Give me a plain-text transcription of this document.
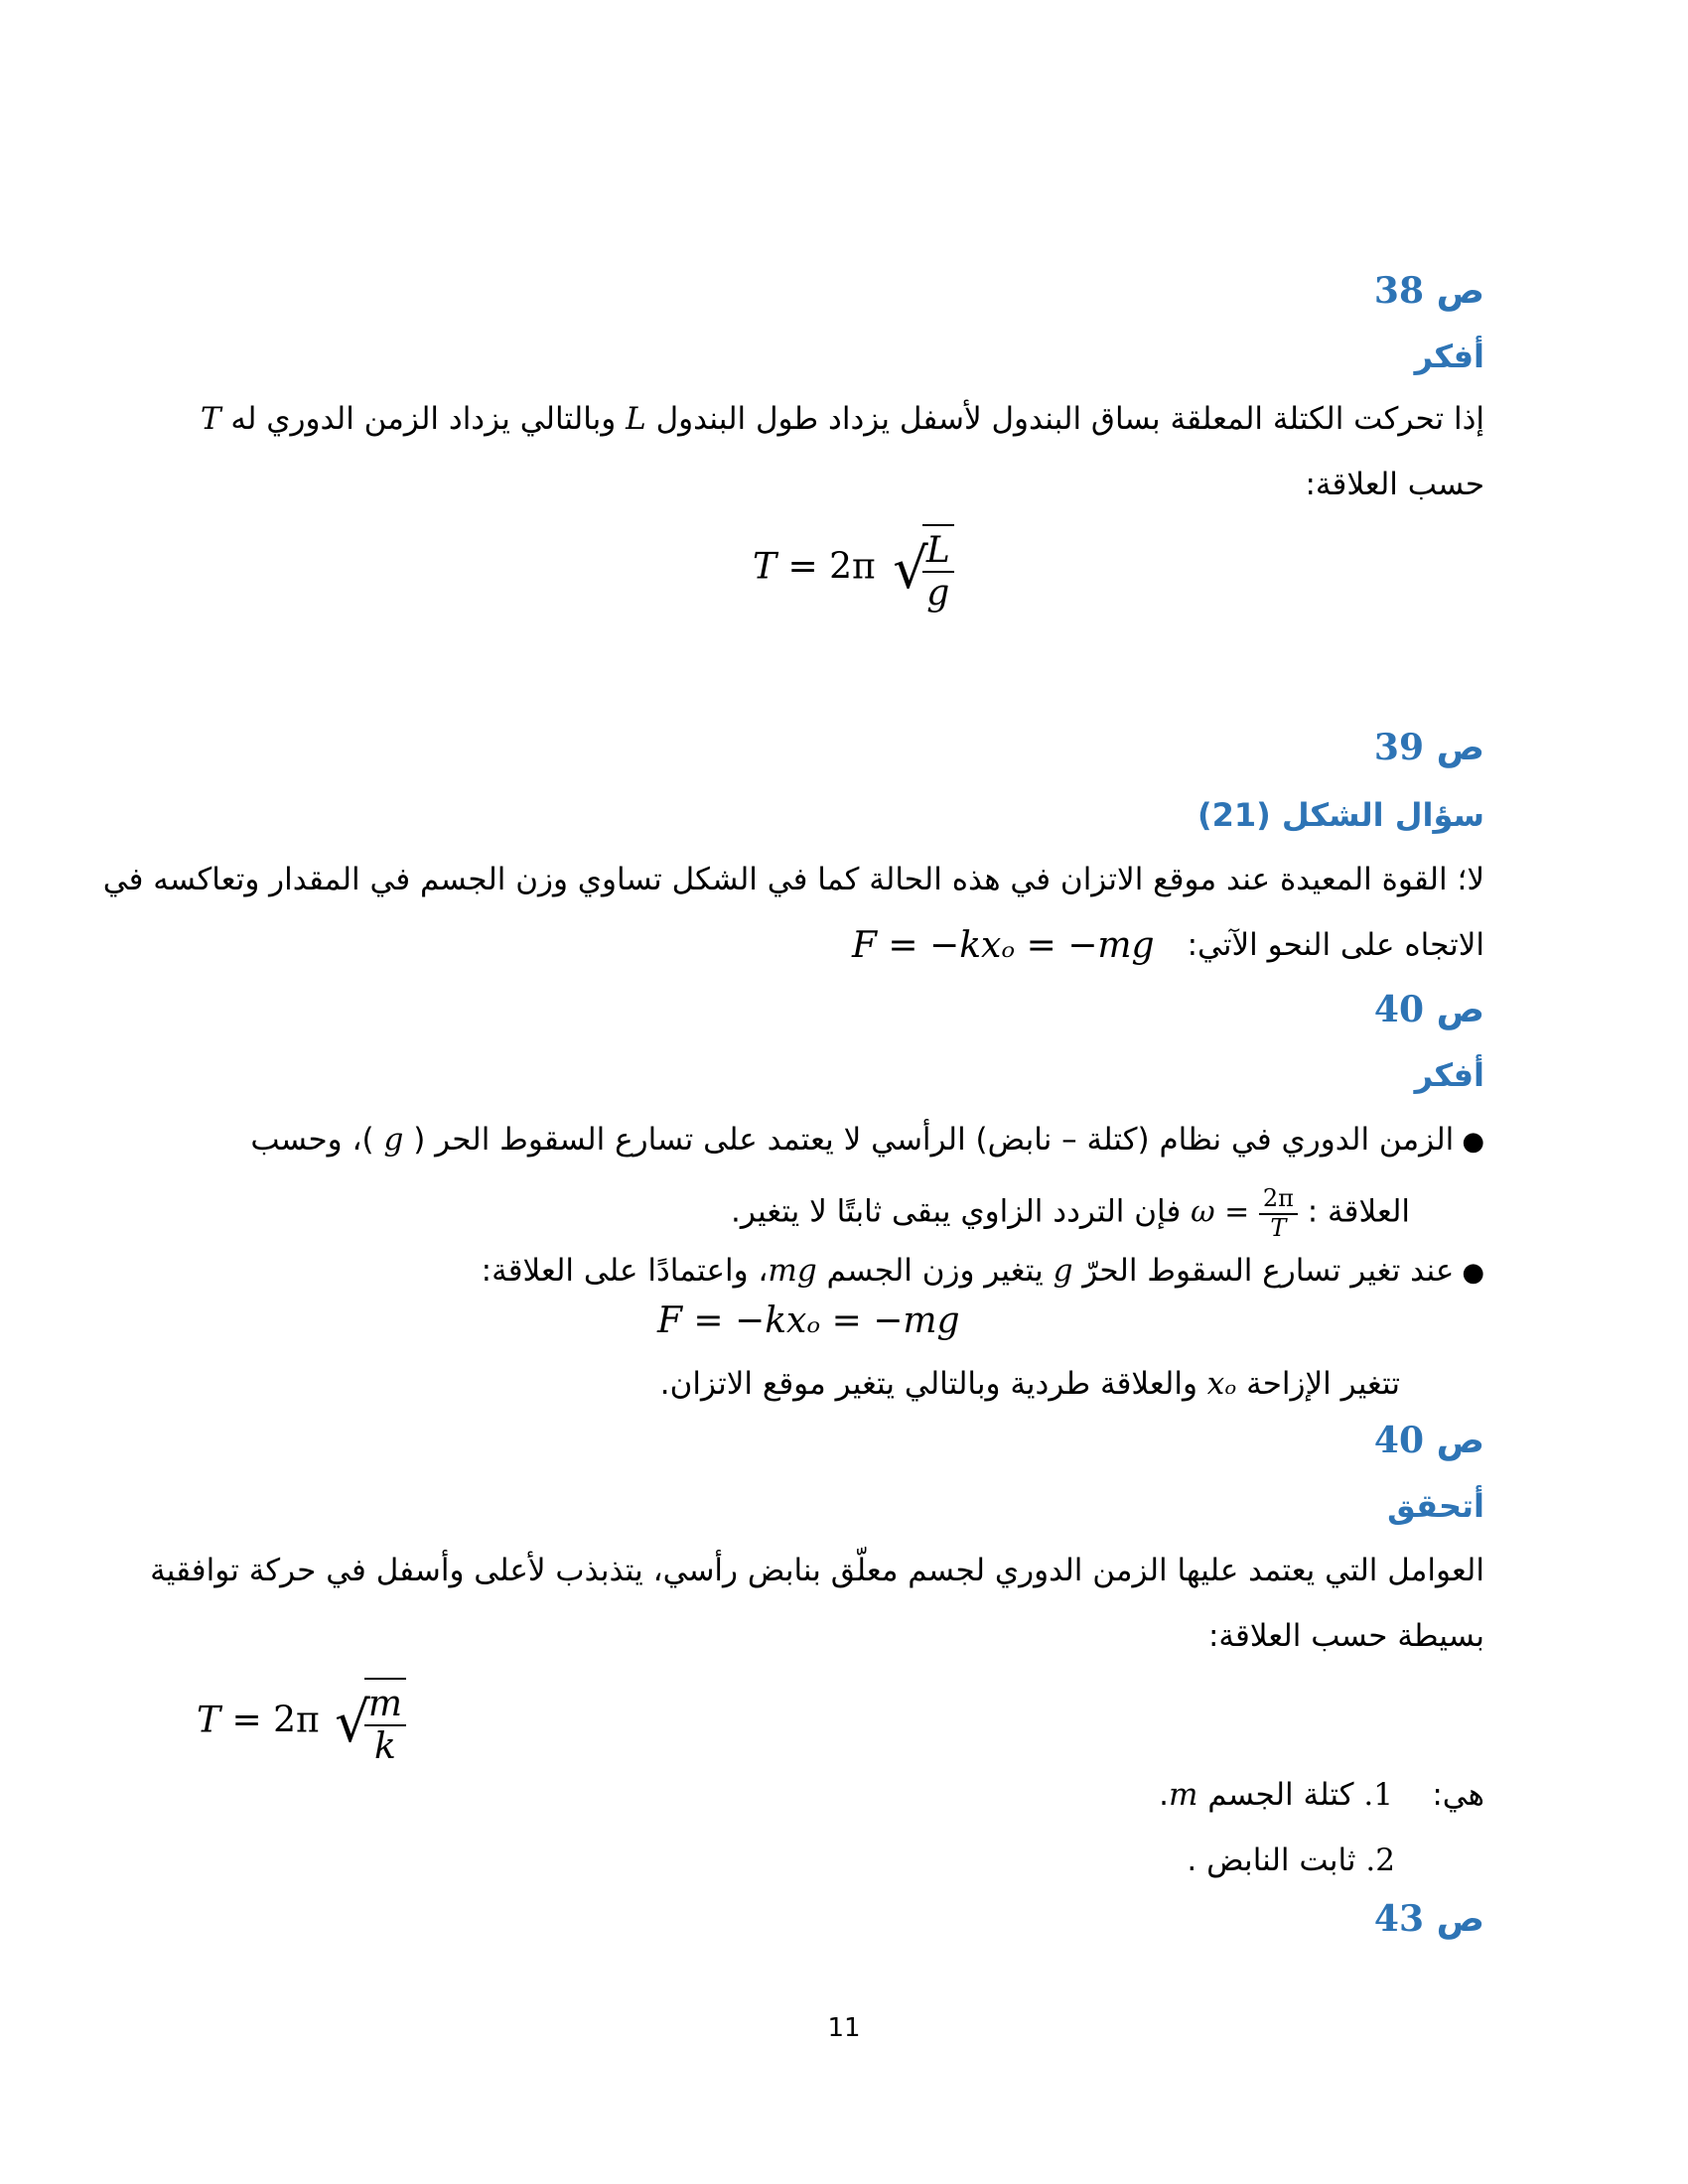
ص 38
أفكر
إذا تحركت الكتلة المعلقة بساق البندول لأسفل يزداد طول البندول L وبالتالي يزداد الزمن الدوري له T
حسب العلاقة:
T = 2π √
$\frac{L}{g}$
ص 39
سؤال الشكل (21)
لا؛ القوة المعيدة عند موقع الاتزان في هذه الحالة كما في الشكل تساوي وزن الجسم في المقدار وتعاكسه في
الاتجاه على النحو الآتي:
F = −kxₒ = −mg
ص 40
أفكر
●الزمن الدوري في نظام (كتلة – نابض) الرأسي لا يعتمد على تسارع السقوط الحر ( g )، وحسب
العلاقة : $\omega = \frac{2\pi}{T}$
فإن التردد الزاوي يبقى ثابتًا لا يتغير.
●عند تغير تسارع السقوط الحرّ g يتغير وزن الجسم mg، واعتمادًا على العلاقة:
F = −kxₒ = −mg
تتغير الإزاحة xₒ والعلاقة طردية وبالتالي يتغير موقع الاتزان.
ص 40
أتحقق
العوامل التي يعتمد عليها الزمن الدوري لجسم معلّق بنابض رأسي، يتذبذب لأعلى وأسفل في حركة توافقية
بسيطة حسب العلاقة:
T = 2π √
$\frac{m}{k}$
هي:    1. كتلة الجسم m.
2. ثابت النابض .
ص 43
11
